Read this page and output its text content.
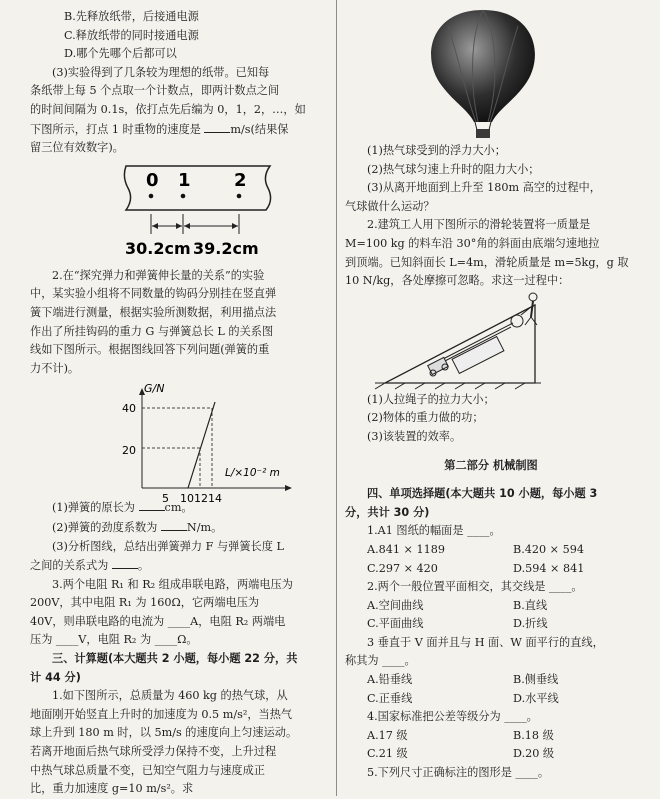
B.先释放纸带，后接通电源

C.释放纸带的同时接通电源

D.哪个先哪个后都可以

(3)实验得到了几条较为理想的纸带。已知每

条纸带上每 5 个点取一个计数点，即两计数点之间

的时间间隔为 0.1s，依打点先后编为 0，1，2，…，如

下图所示，打点 1 时重物的速度是	m/s(结果保

留三位有效数字)。

0 1 2
30.2cm 39.2cm

2.在“探究弹力和弹簧伸长量的关系”的实验

中，某实验小组将不同数量的钩码分别挂在竖直弹

簧下端进行测量，根据实验所测数据，利用描点法

作出了所挂钩码的重力 G 与弹簧总长 L 的关系图

线如下图所示。根据图线回答下列问题(弹簧的重

力不计)。

G/N
L/×10⁻² m
40
20
5 10 12 14

(1)弹簧的原长为	cm。

(2)弹簧的劲度系数为	N/m。

(3)分析图线，总结出弹簧弹力 F 与弹簧长度 L

之间的关系式为	。

3.两个电阻 R₁ 和 R₂ 组成串联电路，两端电压为

200V，其中电阻 R₁ 为 160Ω，它两端电压为

40V，则串联电路的电流为 ____A，电阻 R₂ 两端电

压为 ____V，电阻 R₂ 为 ____Ω。

三、计算题(本大题共 2 小题，每小题 22 分，共

计 44 分)

1.如下图所示，总质量为 460 kg 的热气球，从

地面刚开始竖直上升时的加速度为 0.5 m/s²，当热气

球上升到 180 m 时，以 5m/s 的速度向上匀速运动。

若离开地面后热气球所受浮力保持不变，上升过程

中热气球总质量不变，已知空气阻力与速度成正

比，重力加速度 g=10 m/s²。求

(1)热气球受到的浮力大小；

(2)热气球匀速上升时的阻力大小；

(3)从离开地面到上升至 180m 高空的过程中，

气球做什么运动？

2.建筑工人用下图所示的滑轮装置将一质量是

M=100 kg 的料车沿 30°角的斜面由底端匀速地拉

到顶端。已知斜面长 L=4m，滑轮质量是 m=5kg，g 取

10 N/kg，各处摩擦可忽略。求这一过程中：

(1)人拉绳子的拉力大小；

(2)物体的重力做的功；

(3)该装置的效率。

第二部分 机械制图

四、单项选择题(本大题共 10 小题，每小题 3

分，共计 30 分)

1.A1 图纸的幅面是 ____。

A.841 × 1189	B.420 × 594
C.297 × 420	D.594 × 841

2.两个一般位置平面相交，其交线是 ____。

A.空间曲线	B.直线
C.平面曲线	D.折线

3 垂直于 V 面并且与 H 面、W 面平行的直线，

称其为 ____。

A.铅垂线	B.侧垂线
C.正垂线	D.水平线

4.国家标准把公差等级分为 ____。

A.17 级	B.18 级
C.21 级	D.20 级

5.下列尺寸正确标注的图形是 ____。
